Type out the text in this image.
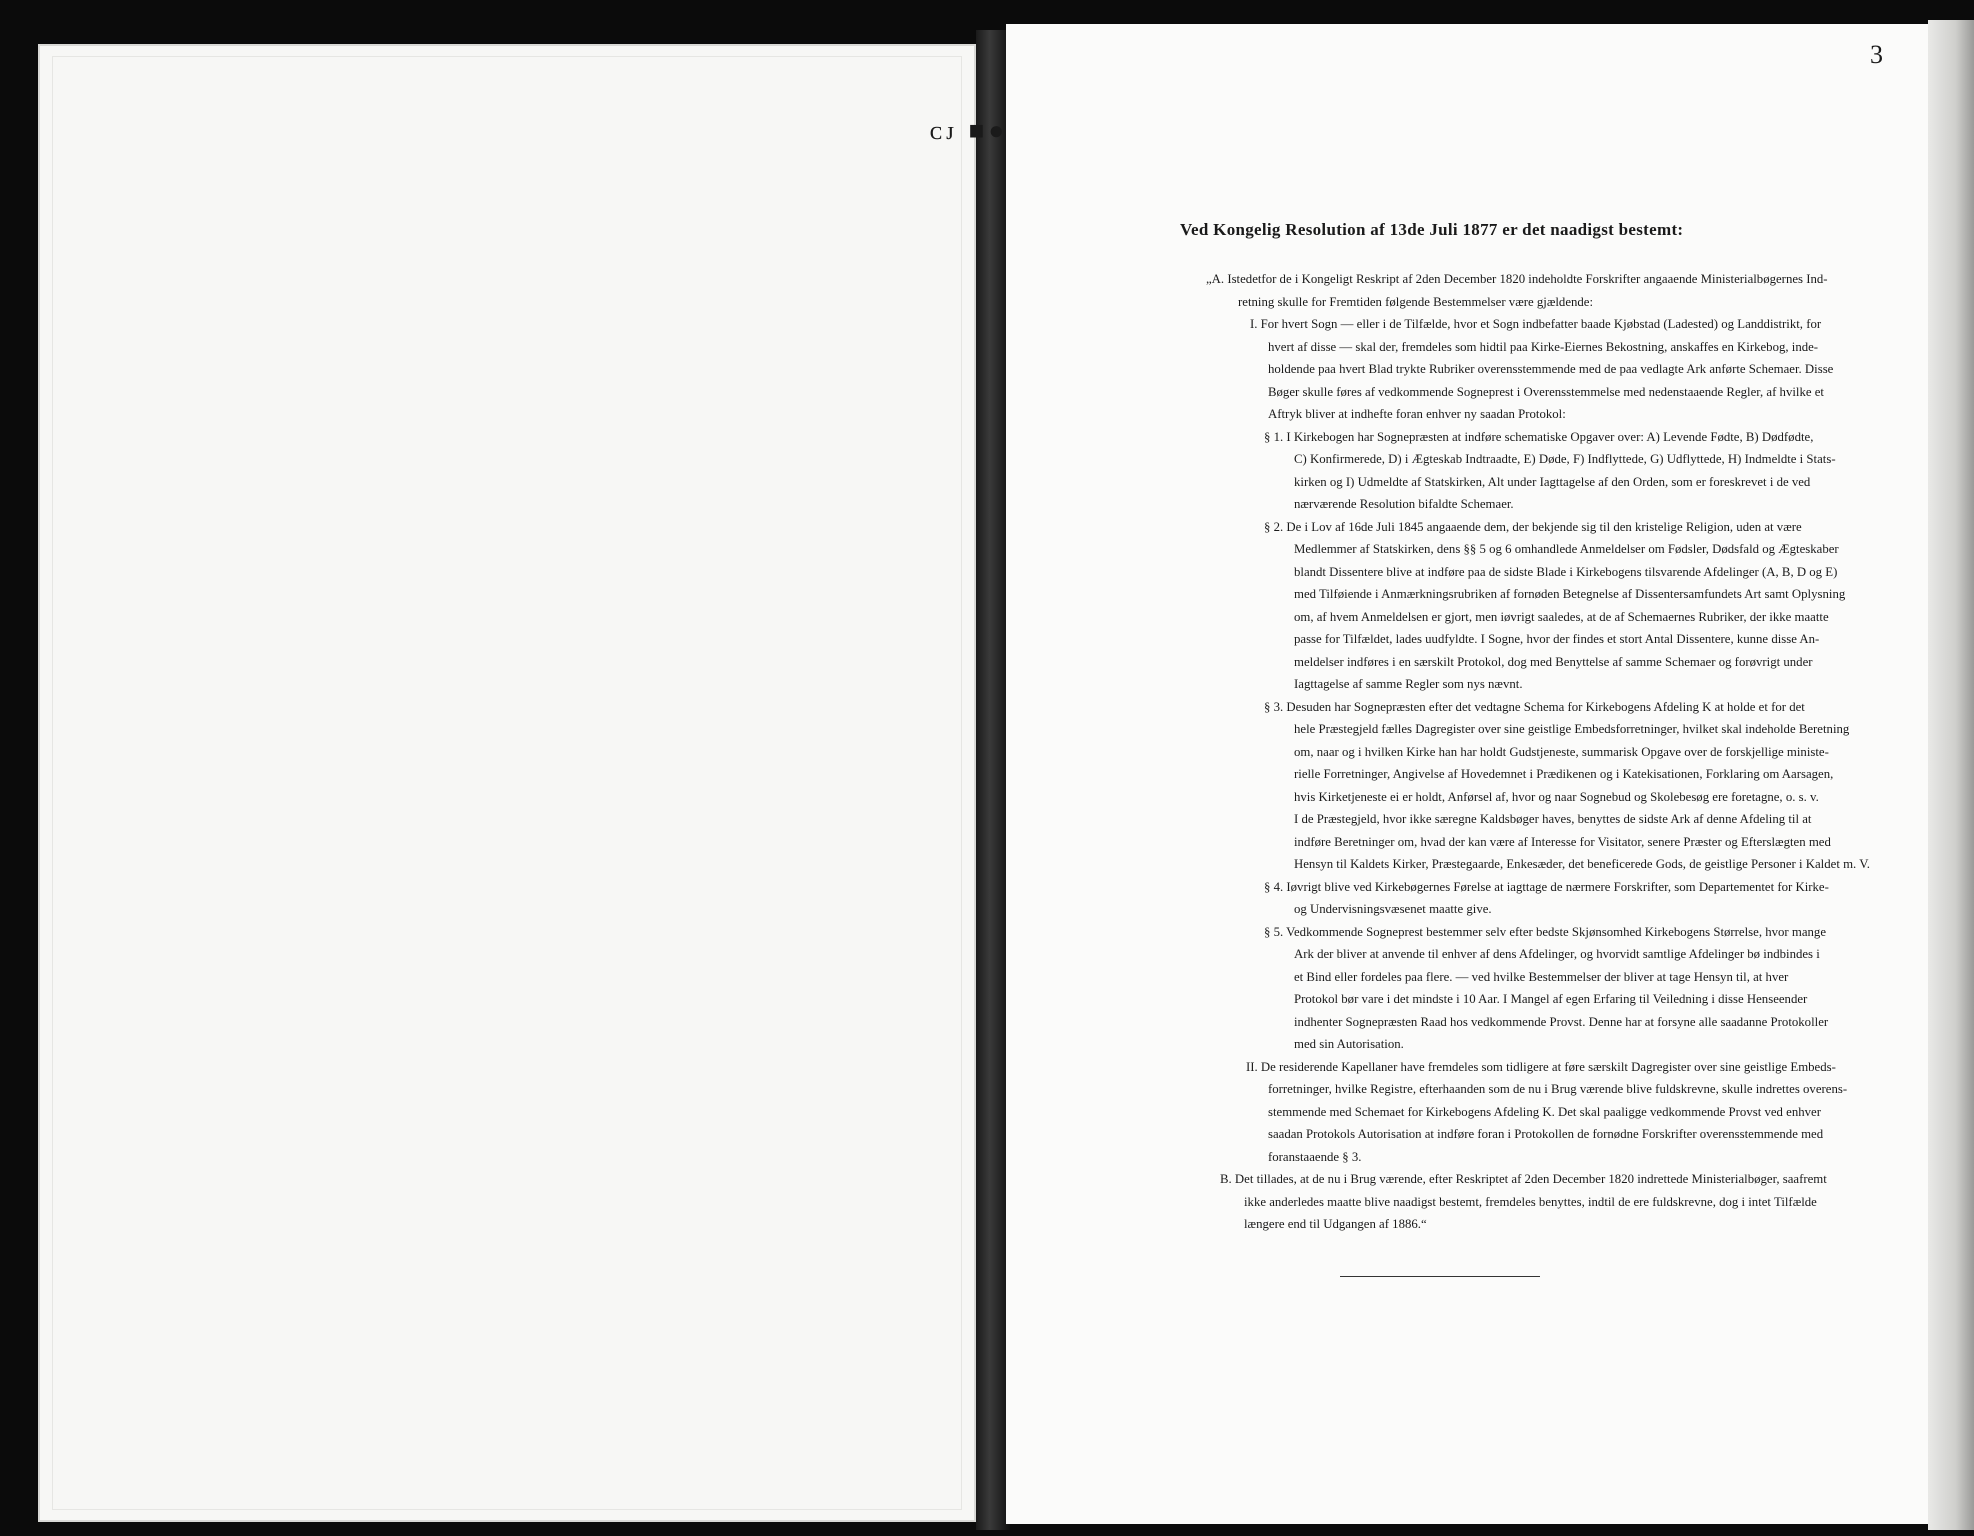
3
ᴄᴊ ■●
Ved Kongelig Resolution af 13de Juli 1877 er det naadigst bestemt:
„A. Istedetfor de i Kongeligt Reskript af 2den December 1820 indeholdte Forskrifter angaaende Ministerialbøgernes Ind-
retning skulle for Fremtiden følgende Bestemmelser være gjældende:
I. For hvert Sogn — eller i de Tilfælde, hvor et Sogn indbefatter baade Kjøbstad (Ladested) og Landdistrikt, for
hvert af disse — skal der, fremdeles som hidtil paa Kirke-Eiernes Bekostning, anskaffes en Kirkebog, inde-
holdende paa hvert Blad trykte Rubriker overensstemmende med de paa vedlagte Ark anførte Schemaer. Disse
Bøger skulle føres af vedkommende Sogneprest i Overensstemmelse med nedenstaaende Regler, af hvilke et
Aftryk bliver at indhefte foran enhver ny saadan Protokol:
§ 1. I Kirkebogen har Sognepræsten at indføre schematiske Opgaver over: A) Levende Fødte, B) Dødfødte,
C) Konfirmerede, D) i Ægteskab Indtraadte, E) Døde, F) Indflyttede, G) Udflyttede, H) Indmeldte i Stats-
kirken og I) Udmeldte af Statskirken, Alt under Iagttagelse af den Orden, som er foreskrevet i de ved
nærværende Resolution bifaldte Schemaer.
§ 2. De i Lov af 16de Juli 1845 angaaende dem, der bekjende sig til den kristelige Religion, uden at være
Medlemmer af Statskirken, dens §§ 5 og 6 omhandlede Anmeldelser om Fødsler, Dødsfald og Ægteskaber
blandt Dissentere blive at indføre paa de sidste Blade i Kirkebogens tilsvarende Afdelinger (A, B, D og E)
med Tilføiende i Anmærkningsrubriken af fornøden Betegnelse af Dissentersamfundets Art samt Oplysning
om, af hvem Anmeldelsen er gjort, men iøvrigt saaledes, at de af Schemaernes Rubriker, der ikke maatte
passe for Tilfældet, lades uudfyldte. I Sogne, hvor der findes et stort Antal Dissentere, kunne disse An-
meldelser indføres i en særskilt Protokol, dog med Benyttelse af samme Schemaer og forøvrigt under
Iagttagelse af samme Regler som nys nævnt.
§ 3. Desuden har Sognepræsten efter det vedtagne Schema for Kirkebogens Afdeling K at holde et for det
hele Præstegjeld fælles Dagregister over sine geistlige Embedsforretninger, hvilket skal indeholde Beretning
om, naar og i hvilken Kirke han har holdt Gudstjeneste, summarisk Opgave over de forskjellige ministe-
rielle Forretninger, Angivelse af Hovedemnet i Prædikenen og i Katekisationen, Forklaring om Aarsagen,
hvis Kirketjeneste ei er holdt, Anførsel af, hvor og naar Sognebud og Skolebesøg ere foretagne, o. s. v.
I de Præstegjeld, hvor ikke særegne Kaldsbøger haves, benyttes de sidste Ark af denne Afdeling til at
indføre Beretninger om, hvad der kan være af Interesse for Visitator, senere Præster og Efterslægten med
Hensyn til Kaldets Kirker, Præstegaarde, Enkesæder, det beneficerede Gods, de geistlige Personer i Kaldet m. V.
§ 4. Iøvrigt blive ved Kirkebøgernes Førelse at iagttage de nærmere Forskrifter, som Departementet for Kirke-
og Undervisningsvæsenet maatte give.
§ 5. Vedkommende Sogneprest bestemmer selv efter bedste Skjønsomhed Kirkebogens Størrelse, hvor mange
Ark der bliver at anvende til enhver af dens Afdelinger, og hvorvidt samtlige Afdelinger bø indbindes i
et Bind eller fordeles paa flere. — ved hvilke Bestemmelser der bliver at tage Hensyn til, at hver
Protokol bør vare i det mindste i 10 Aar. I Mangel af egen Erfaring til Veiledning i disse Henseender
indhenter Sognepræsten Raad hos vedkommende Provst. Denne har at forsyne alle saadanne Protokoller
med sin Autorisation.
II. De residerende Kapellaner have fremdeles som tidligere at føre særskilt Dagregister over sine geistlige Embeds-
forretninger, hvilke Registre, efterhaanden som de nu i Brug værende blive fuldskrevne, skulle indrettes overens-
stemmende med Schemaet for Kirkebogens Afdeling K. Det skal paaligge vedkommende Provst ved enhver
saadan Protokols Autorisation at indføre foran i Protokollen de fornødne Forskrifter overensstemmende med
foranstaaende § 3.
B. Det tillades, at de nu i Brug værende, efter Reskriptet af 2den December 1820 indrettede Ministerialbøger, saafremt
ikke anderledes maatte blive naadigst bestemt, fremdeles benyttes, indtil de ere fuldskrevne, dog i intet Tilfælde
længere end til Udgangen af 1886.“
